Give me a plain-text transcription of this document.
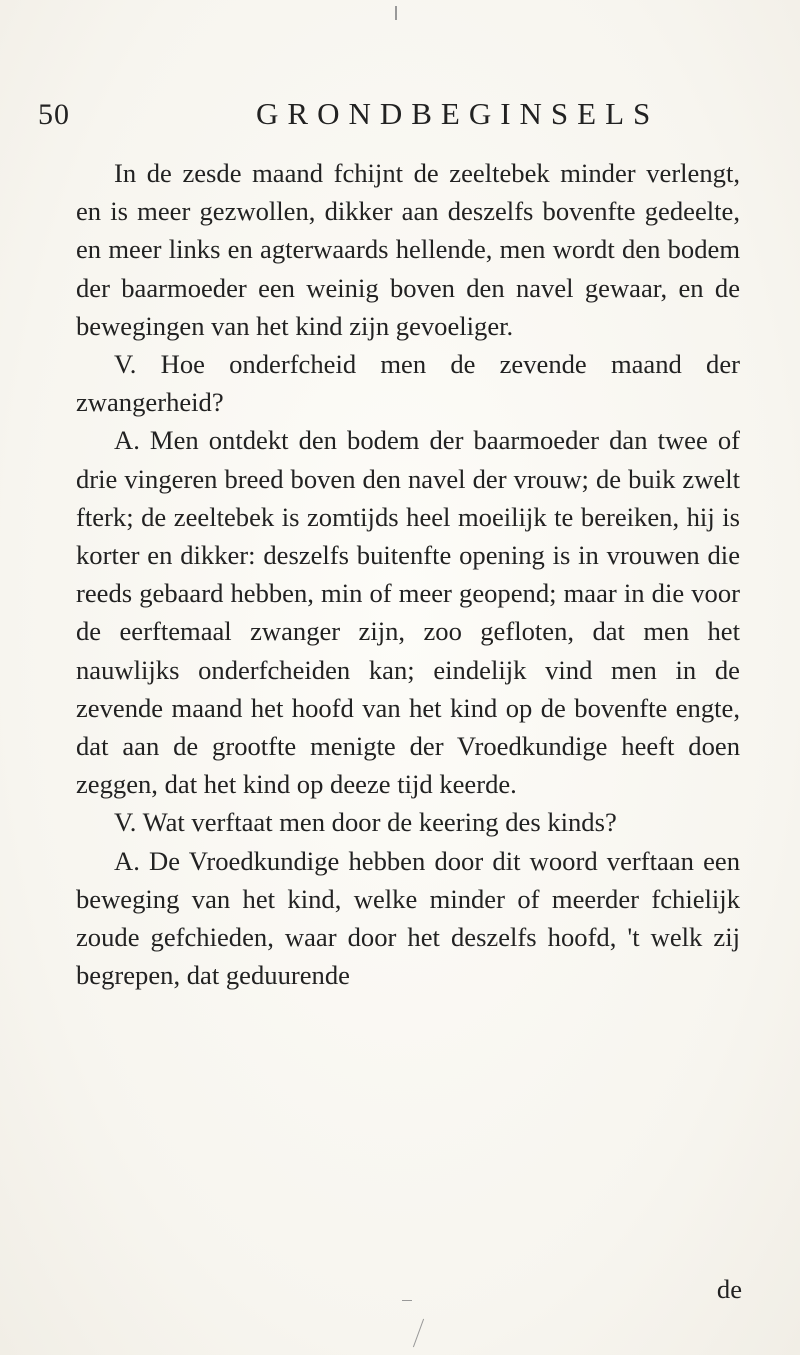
50	GRONDBEGINSELS

In de zesde maand fchijnt de zeeltebek minder verlengt, en is meer gezwollen, dikker aan deszelfs bovenfte gedeelte, en meer links en agterwaards hellende, men wordt den bodem der baarmoeder een weinig boven den navel gewaar, en de bewegingen van het kind zijn gevoeliger.

V. Hoe onderfcheid men de zevende maand der zwangerheid?

A. Men ontdekt den bodem der baarmoeder dan twee of drie vingeren breed boven den navel der vrouw; de buik zwelt fterk; de zeeltebek is zomtijds heel moeilijk te bereiken, hij is korter en dikker: deszelfs buitenfte opening is in vrouwen die reeds gebaard hebben, min of meer geopend; maar in die voor de eerftemaal zwanger zijn, zoo gefloten, dat men het nauwlijks onderfcheiden kan; eindelijk vind men in de zevende maand het hoofd van het kind op de bovenfte engte, dat aan de grootfte menigte der Vroedkundige heeft doen zeggen, dat het kind op deeze tijd keerde.

V. Wat verftaat men door de keering des kinds?

A. De Vroedkundige hebben door dit woord verftaan een beweging van het kind, welke minder of meerder fchielijk zoude gefchieden, waar door het deszelfs hoofd, 't welk zij begrepen, dat geduurende

de
